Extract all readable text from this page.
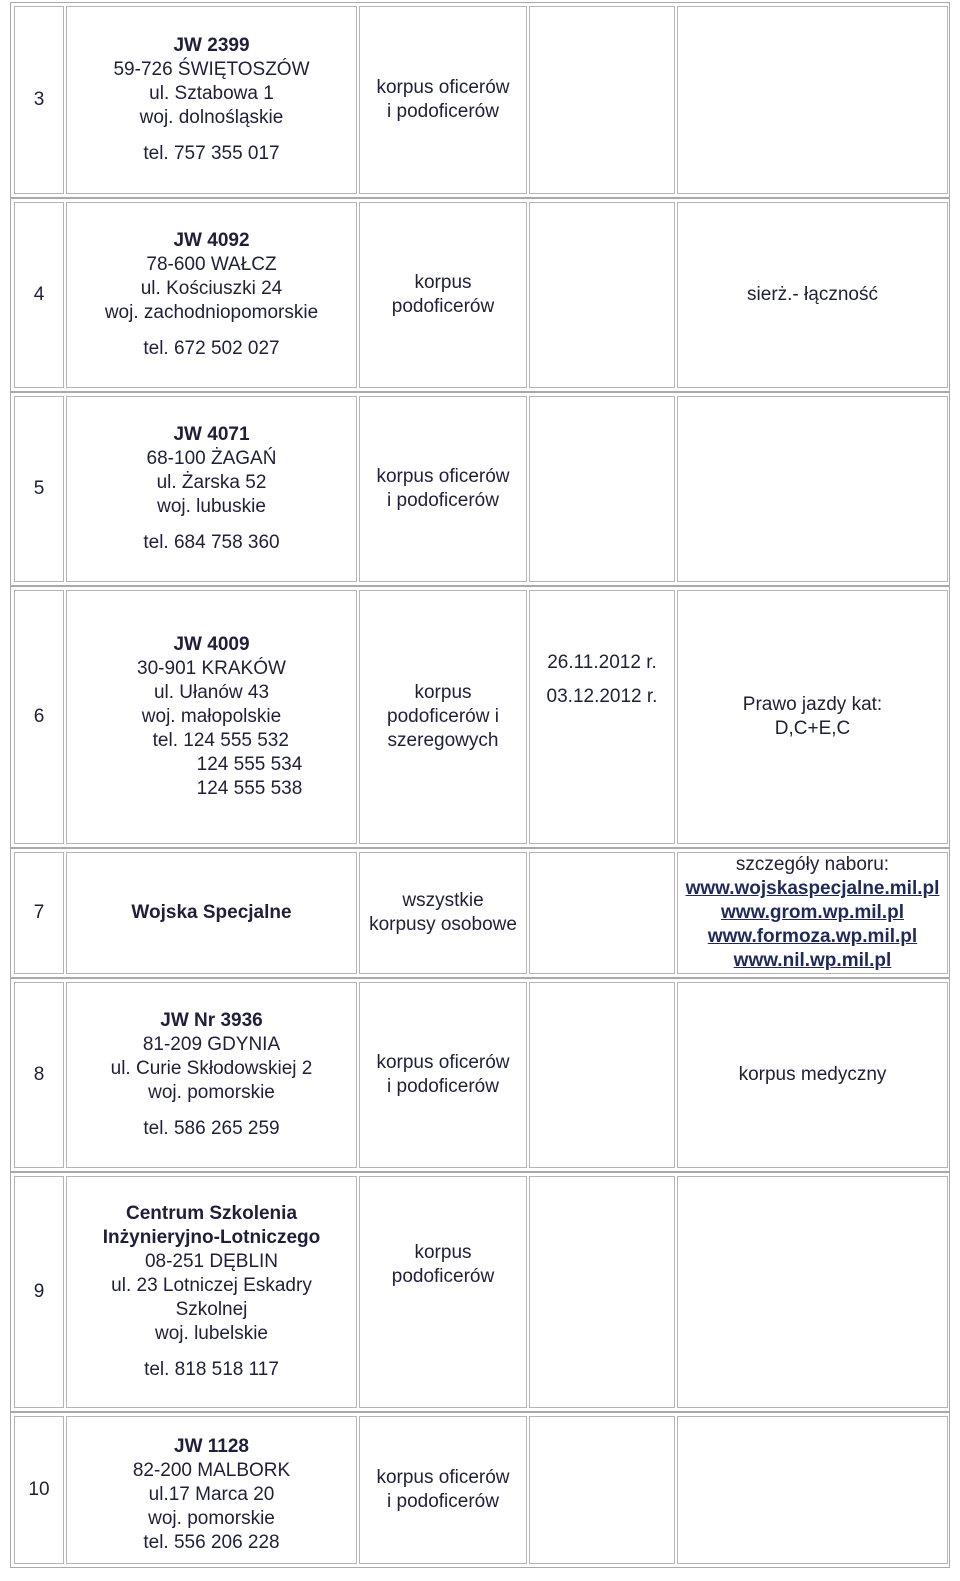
3
JW 2399
59-726 ŚWIĘTOSZÓW
ul. Sztabowa 1
woj. dolnośląskie
tel. 757 355 017
korpus oficerów
i podoficerów
4
JW 4092
78-600 WAŁCZ
ul. Kościuszki 24
woj. zachodniopomorskie
tel. 672 502 027
korpus
podoficerów
sierż.- łączność
5
JW 4071
68-100 ŻAGAŃ
ul. Żarska 52
woj. lubuskie
tel. 684 758 360
korpus oficerów
i podoficerów
6
JW 4009
30-901 KRAKÓW
ul. Ułanów 43
woj. małopolskie
tel. 124 555 532
124 555 534
124 555 538
korpus
podoficerów i
szeregowych
26.11.2012 r.
03.12.2012 r.	Prawo jazdy kat:
D,C+E,C
7	Wojska Specjalne
wszystkie
korpusy osobowe
szczegóły naboru:
www.wojskaspecjalne.mil.pl
www.grom.wp.mil.pl
www.formoza.wp.mil.pl
www.nil.wp.mil.pl
8
JW Nr 3936
81-209 GDYNIA
ul. Curie Skłodowskiej 2
woj. pomorskie
tel. 586 265 259
korpus oficerów
i podoficerów
korpus medyczny
9
Centrum Szkolenia
Inżynieryjno-Lotniczego
08-251 DĘBLIN
ul. 23 Lotniczej Eskadry
Szkolnej
woj. lubelskie
tel. 818 518 117
korpus
podoficerów
10
JW 1128
82-200 MALBORK
ul.17 Marca 20
woj. pomorskie
tel. 556 206 228
korpus oficerów
i podoficerów
